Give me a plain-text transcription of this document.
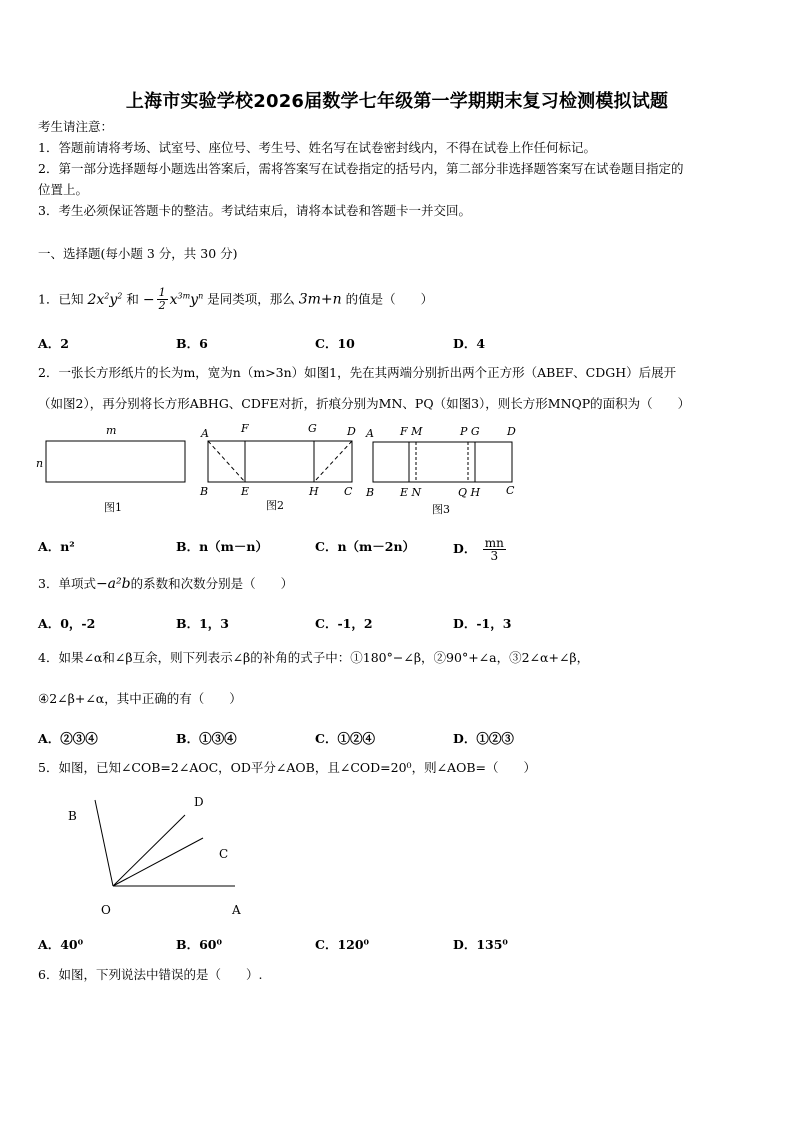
上海市实验学校2026届数学七年级第一学期期末复习检测模拟试题
考生请注意：
1．答题前请将考场、试室号、座位号、考生号、姓名写在试卷密封线内，不得在试卷上作任何标记。
2．第一部分选择题每小题选出答案后，需将答案写在试卷指定的括号内，第二部分非选择题答案写在试卷题目指定的
位置上。
3．考生必须保证答题卡的整洁。考试结束后，请将本试卷和答题卡一并交回。
一、选择题(每小题 3 分，共 30 分)
1．已知 $2x^2y^2$ 和 − $\frac{1}{2} x^{3m}y^n$ 是同类项，那么 3m+n 的值是（　　）
A．2	B．6	C．10	D．4
2．一张长方形纸片的长为m，宽为n（m>3n）如图1，先在其两端分别折出两个正方形（ABEF、CDGH）后展开
（如图2），再分别将长方形ABHG、CDFE对折，折痕分别为MN、PQ（如图3），则长方形MNQP的面积为（　　）
m
n
图1
A	F	G	D
B	E	H C
图2
A F M	P G D
B E N	Q H C
图3
A．n²	B．n（m－n）	C．n（m－2n）	D． $\frac{mn}{3}$
3．单项式−a²b的系数和次数分别是（　　）
A．0，-2	B．1，3	C．-1，2	D．-1，3
4．如果∠α和∠β互余，则下列表示∠β的补角的式子中：①180°−∠β，②90°+∠a，③2∠α+∠β，
④2∠β+∠α，其中正确的有（　　）
A．②③④	B．①③④	C．①②④	D．①②③
5．如图，已知∠COB=2∠AOC，OD平分∠AOB，且∠COD=20⁰，则∠AOB=（　　）
B
D
C
O	A
A．40⁰	B．60⁰	C．120⁰	D．135⁰
6．如图，下列说法中错误的是（　　）.
